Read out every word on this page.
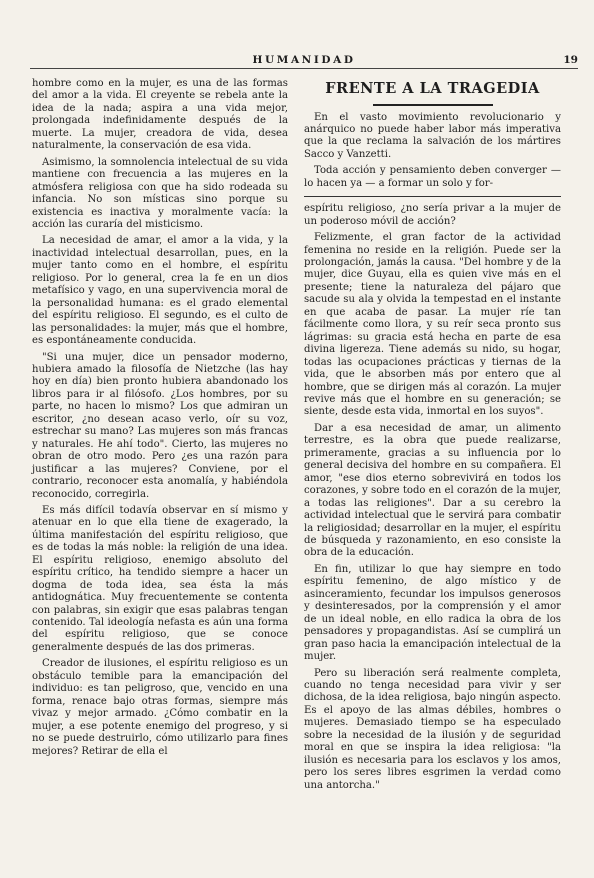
HUMANIDAD	19

hombre como en la mujer, es una de las formas del amor a la vida. El creyente se rebela ante la idea de la nada; aspira a una vida mejor, prolongada indefinidamente después de la muerte. La mujer, creadora de vida, desea naturalmente, la conservación de esa vida.

Asimismo, la somnolencia intelectual de su vida mantiene con frecuencia a las mujeres en la atmósfera religiosa con que ha sido rodeada su infancia. No son místicas sino porque su existencia es inactiva y moralmente vacía: la acción las curaría del misticismo.

La necesidad de amar, el amor a la vida, y la inactividad intelectual desarrollan, pues, en la mujer tanto como en el hombre, el espíritu religioso. Por lo general, crea la fe en un dios metafísico y vago, en una supervivencia moral de la personalidad humana: es el grado elemental del espíritu religioso. El segundo, es el culto de las personalidades: la mujer, más que el hombre, es espontáneamente conducida.

"Si una mujer, dice un pensador moderno, hubiera amado la filosofía de Nietzche (las hay hoy en día) bien pronto hubiera abandonado los libros para ir al filósofo. ¿Los hombres, por su parte, no hacen lo mismo? Los que admiran un escritor, ¿no desean acaso verlo, oír su voz, estrechar su mano? Las mujeres son más francas y naturales. He ahí todo". Cierto, las mujeres no obran de otro modo. Pero ¿es una razón para justificar a las mujeres? Conviene, por el contrario, reconocer esta anomalía, y habiéndola reconocido, corregirla.

Es más difícil todavía observar en sí mismo y atenuar en lo que ella tiene de exagerado, la última manifestación del espíritu religioso, que es de todas la más noble: la religión de una idea. El espíritu religioso, enemigo absoluto del espíritu crítico, ha tendido siempre a hacer un dogma de toda idea, sea ésta la más antidognática. Muy frecuentemente se contenta con palabras, sin exigir que esas palabras tengan contenido. Tal ideología nefasta es aún una forma del espíritu religioso, que se conoce generalmente después de las dos primeras.

Creador de ilusiones, el espíritu religioso es un obstáculo temible para la emancipación del individuo: es tan peligroso, que, vencido en una forma, renace bajo otras formas, siempre más vivaz y mejor armado. ¿Cómo combatir en la mujer, a ese potente enemigo del progreso, y si no se puede destruirlo, cómo utilizarlo para fines mejores? Retirar de ella el

FRENTE A LA TRAGEDIA

En el vasto movimiento revolucionario y anárquico no puede haber labor más imperativa que la que reclama la salvación de los mártires Sacco y Vanzetti.

Toda acción y pensamiento deben converger — lo hacen ya — a formar un solo y for-

espíritu religioso, ¿no sería privar a la mujer de un poderoso móvil de acción?

Felizmente, el gran factor de la actividad femenina no reside en la religión. Puede ser la prolongación, jamás la causa. "Del hombre y de la mujer, dice Guyau, ella es quien vive más en el presente; tiene la naturaleza del pájaro que sacude su ala y olvida la tempestad en el instante en que acaba de pasar. La mujer ríe tan fácilmente como llora, y su reír seca pronto sus lágrimas: su gracia está hecha en parte de esa divina ligereza. Tiene además su nido, su hogar, todas las ocupaciones prácticas y tiernas de la vida, que le absorben más por entero que al hombre, que se dirigen más al corazón. La mujer revive más que el hombre en su generación; se siente, desde esta vida, inmortal en los suyos".

Dar a esa necesidad de amar, un alimento terrestre, es la obra que puede realizarse, primeramente, gracias a su influencia por lo general decisiva del hombre en su compañera. El amor, "ese dios eterno sobrevivirá en todos los corazones, y sobre todo en el corazón de la mujer, a todas las religiones". Dar a su cerebro la actividad intelectual que le servirá para combatir la religiosidad; desarrollar en la mujer, el espíritu de búsqueda y razonamiento, en eso consiste la obra de la educación.

En fin, utilizar lo que hay siempre en todo espíritu femenino, de algo místico y de asinceramiento, fecundar los impulsos generosos y desinteresados, por la comprensión y el amor de un ideal noble, en ello radica la obra de los pensadores y propagandistas. Así se cumplirá un gran paso hacia la emancipación intelectual de la mujer.

Pero su liberación será realmente completa, cuando no tenga necesidad para vivir y ser dichosa, de la idea religiosa, bajo ningún aspecto. Es el apoyo de las almas débiles, hombres o mujeres. Demasiado tiempo se ha especulado sobre la necesidad de la ilusión y de seguridad moral en que se inspira la idea religiosa: "la ilusión es necesaria para los esclavos y los amos, pero los seres libres esgrimen la verdad como una antorcha."
